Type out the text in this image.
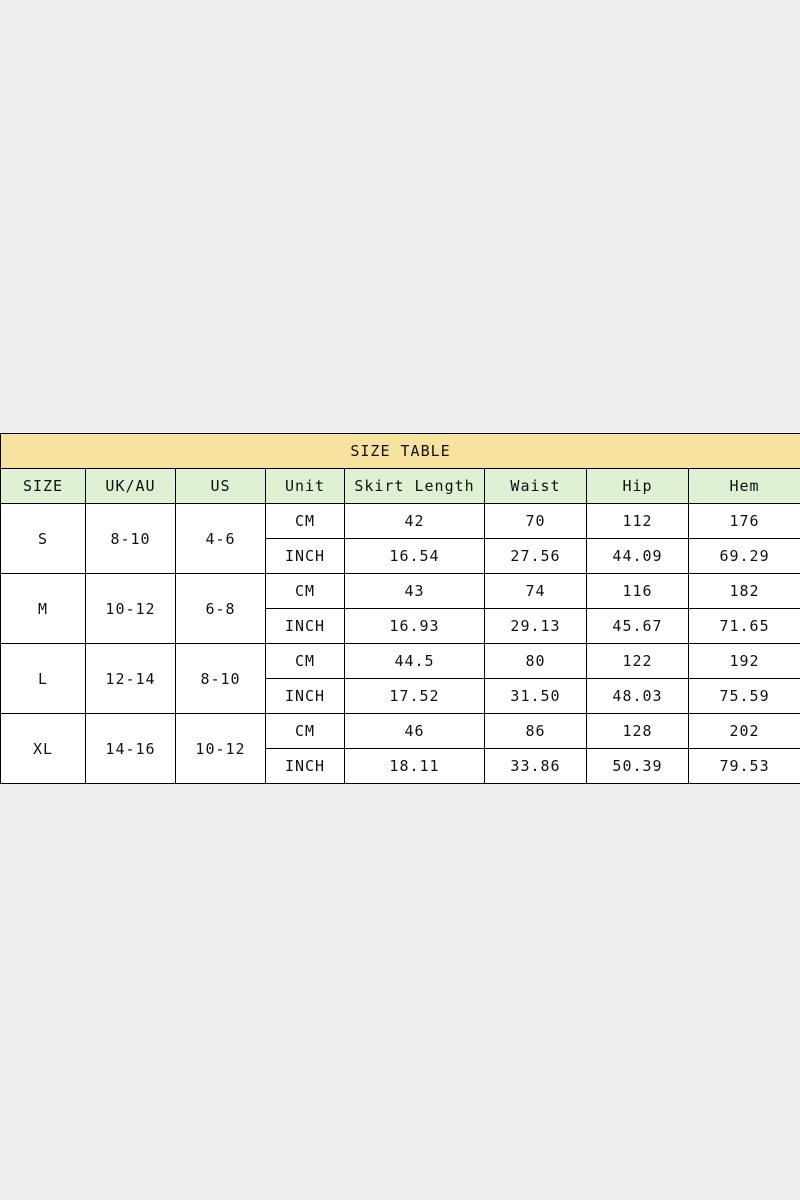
SIZE TABLE							
SIZE	UK/AU	US	Unit	Skirt Length	Waist	Hip	Hem
S	8-10	4-6	CM	42	70	112	176
			INCH	16.54	27.56	44.09	69.29
M	10-12	6-8	CM	43	74	116	182
			INCH	16.93	29.13	45.67	71.65
L	12-14	8-10	CM	44.5	80	122	192
			INCH	17.52	31.50	48.03	75.59
XL	14-16	10-12	CM	46	86	128	202
			INCH	18.11	33.86	50.39	79.53
